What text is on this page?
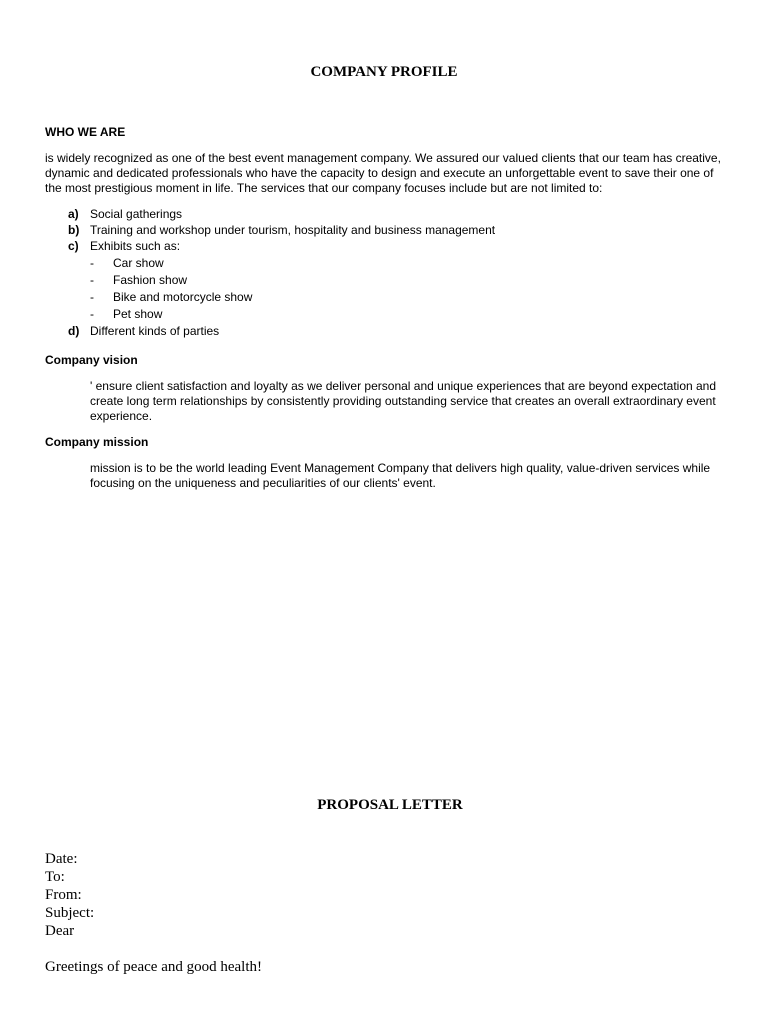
COMPANY PROFILE
WHO WE ARE
is widely recognized as one of the best event management company. We assured our valued clients that our team has creative,
dynamic and dedicated professionals who have the capacity to design and execute an unforgettable event to save their one of
the most prestigious moment in life. The services that our company focuses include but are not limited to:
a) Social gatherings
b) Training and workshop under tourism, hospitality and business management
c) Exhibits such as:
- Car show
- Fashion show
- Bike and motorcycle show
- Pet show
d) Different kinds of parties
Company vision
' ensure client satisfaction and loyalty as we deliver personal and unique experiences that are beyond expectation and
create long term relationships by consistently providing outstanding service that creates an overall extraordinary event
experience.
Company mission
mission is to be the world leading Event Management Company that delivers high quality, value-driven services while
focusing on the uniqueness and peculiarities of our clients' event.
PROPOSAL LETTER
Date:
To:
From:
Subject:
Dear
Greetings of peace and good health!
